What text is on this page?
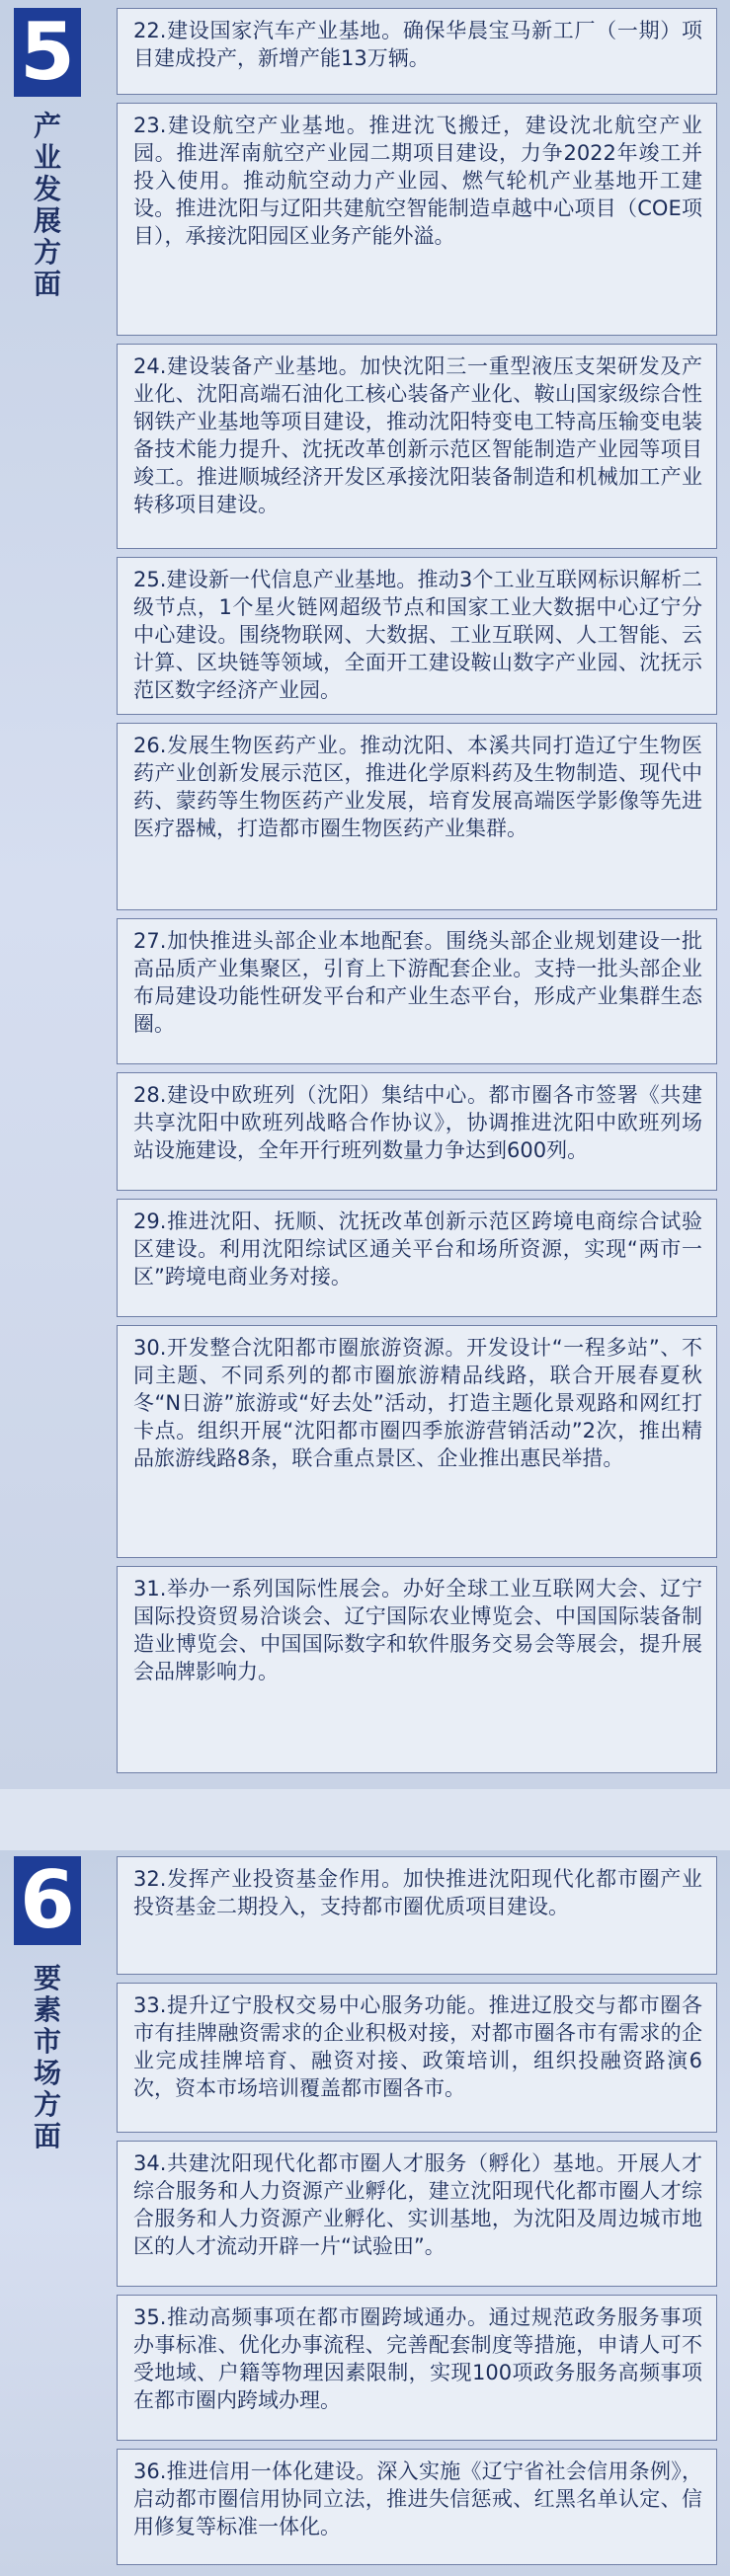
5
产业发展方面
22.建设国家汽车产业基地。确保华晨宝马新工厂（一期）项目建成投产，新增产能13万辆。
23.建设航空产业基地。推进沈飞搬迁，建设沈北航空产业园。推进浑南航空产业园二期项目建设，力争2022年竣工并投入使用。推动航空动力产业园、燃气轮机产业基地开工建设。推进沈阳与辽阳共建航空智能制造卓越中心项目（COE项目），承接沈阳园区业务产能外溢。
24.建设装备产业基地。加快沈阳三一重型液压支架研发及产业化、沈阳高端石油化工核心装备产业化、鞍山国家级综合性钢铁产业基地等项目建设，推动沈阳特变电工特高压输变电装备技术能力提升、沈抚改革创新示范区智能制造产业园等项目竣工。推进顺城经济开发区承接沈阳装备制造和机械加工产业转移项目建设。
25.建设新一代信息产业基地。推动3个工业互联网标识解析二级节点，1个星火链网超级节点和国家工业大数据中心辽宁分中心建设。围绕物联网、大数据、工业互联网、人工智能、云计算、区块链等领域，全面开工建设鞍山数字产业园、沈抚示范区数字经济产业园。
26.发展生物医药产业。推动沈阳、本溪共同打造辽宁生物医药产业创新发展示范区，推进化学原料药及生物制造、现代中药、蒙药等生物医药产业发展，培育发展高端医学影像等先进医疗器械，打造都市圈生物医药产业集群。
27.加快推进头部企业本地配套。围绕头部企业规划建设一批高品质产业集聚区，引育上下游配套企业。支持一批头部企业布局建设功能性研发平台和产业生态平台，形成产业集群生态圈。
28.建设中欧班列（沈阳）集结中心。都市圈各市签署《共建共享沈阳中欧班列战略合作协议》，协调推进沈阳中欧班列场站设施建设，全年开行班列数量力争达到600列。
29.推进沈阳、抚顺、沈抚改革创新示范区跨境电商综合试验区建设。利用沈阳综试区通关平台和场所资源，实现“两市一区”跨境电商业务对接。
30.开发整合沈阳都市圈旅游资源。开发设计“一程多站”、不同主题、不同系列的都市圈旅游精品线路，联合开展春夏秋冬“N日游”旅游或“好去处”活动，打造主题化景观路和网红打卡点。组织开展“沈阳都市圈四季旅游营销活动”2次，推出精品旅游线路8条，联合重点景区、企业推出惠民举措。
31.举办一系列国际性展会。办好全球工业互联网大会、辽宁国际投资贸易洽谈会、辽宁国际农业博览会、中国国际装备制造业博览会、中国国际数字和软件服务交易会等展会，提升展会品牌影响力。
6
要素市场方面
32.发挥产业投资基金作用。加快推进沈阳现代化都市圈产业投资基金二期投入，支持都市圈优质项目建设。
33.提升辽宁股权交易中心服务功能。推进辽股交与都市圈各市有挂牌融资需求的企业积极对接，对都市圈各市有需求的企业完成挂牌培育、融资对接、政策培训，组织投融资路演6次，资本市场培训覆盖都市圈各市。
34.共建沈阳现代化都市圈人才服务（孵化）基地。开展人才综合服务和人力资源产业孵化，建立沈阳现代化都市圈人才综合服务和人力资源产业孵化、实训基地，为沈阳及周边城市地区的人才流动开辟一片“试验田”。
35.推动高频事项在都市圈跨域通办。通过规范政务服务事项办事标准、优化办事流程、完善配套制度等措施，申请人可不受地域、户籍等物理因素限制，实现100项政务服务高频事项在都市圈内跨域办理。
36.推进信用一体化建设。深入实施《辽宁省社会信用条例》，启动都市圈信用协同立法，推进失信惩戒、红黑名单认定、信用修复等标准一体化。
